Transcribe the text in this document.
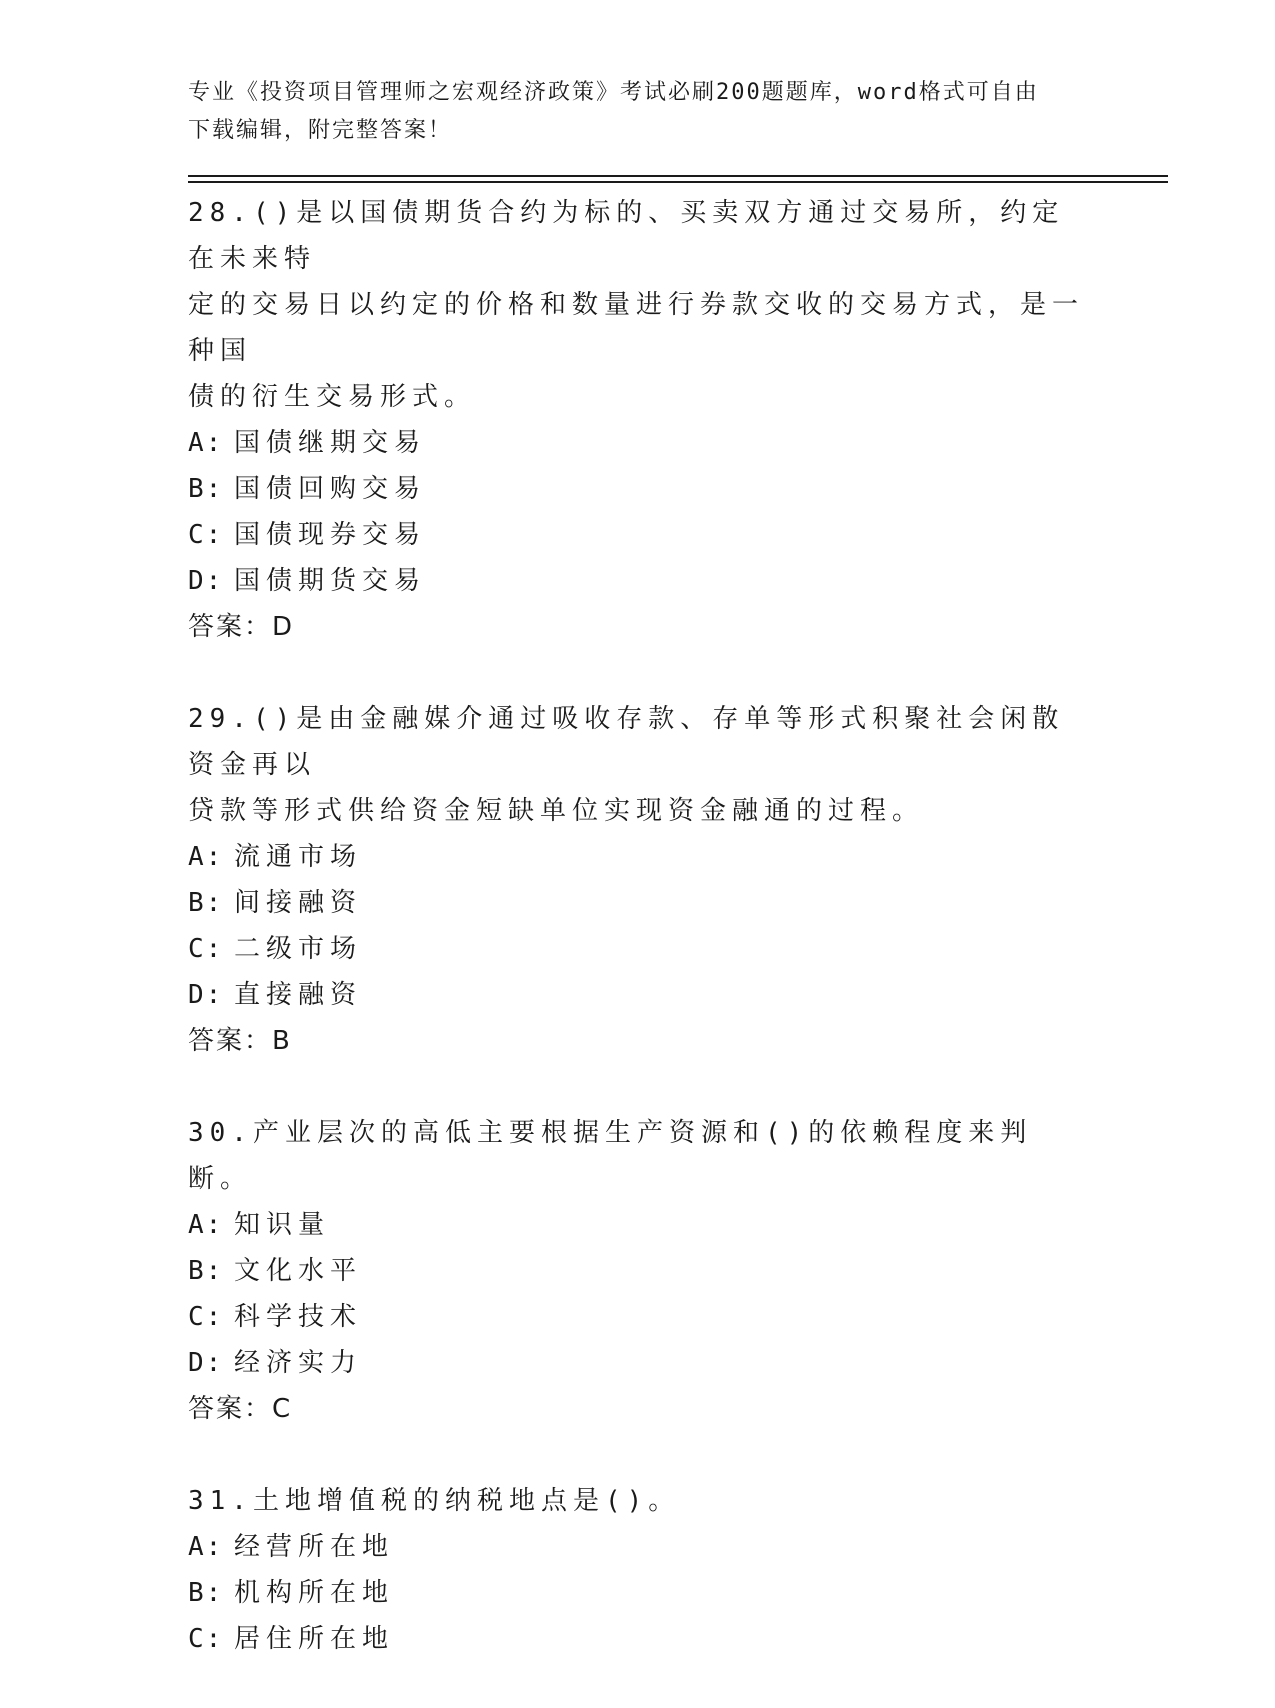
专业《投资项目管理师之宏观经济政策》考试必刷200题题库，word格式可自由
下载编辑，附完整答案！
28.()是以国债期货合约为标的、买卖双方通过交易所，约定在未来特
定的交易日以约定的价格和数量进行券款交收的交易方式，是一种国
债的衍生交易形式。
A: 国债继期交易
B: 国债回购交易
C: 国债现券交易
D: 国债期货交易
答案：D
29.()是由金融媒介通过吸收存款、存单等形式积聚社会闲散资金再以
贷款等形式供给资金短缺单位实现资金融通的过程。
A: 流通市场
B: 间接融资
C: 二级市场
D: 直接融资
答案：B
30.产业层次的高低主要根据生产资源和()的依赖程度来判断。
A: 知识量
B: 文化水平
C: 科学技术
D: 经济实力
答案：C
31.土地增值税的纳税地点是()。
A: 经营所在地
B: 机构所在地
C: 居住所在地
